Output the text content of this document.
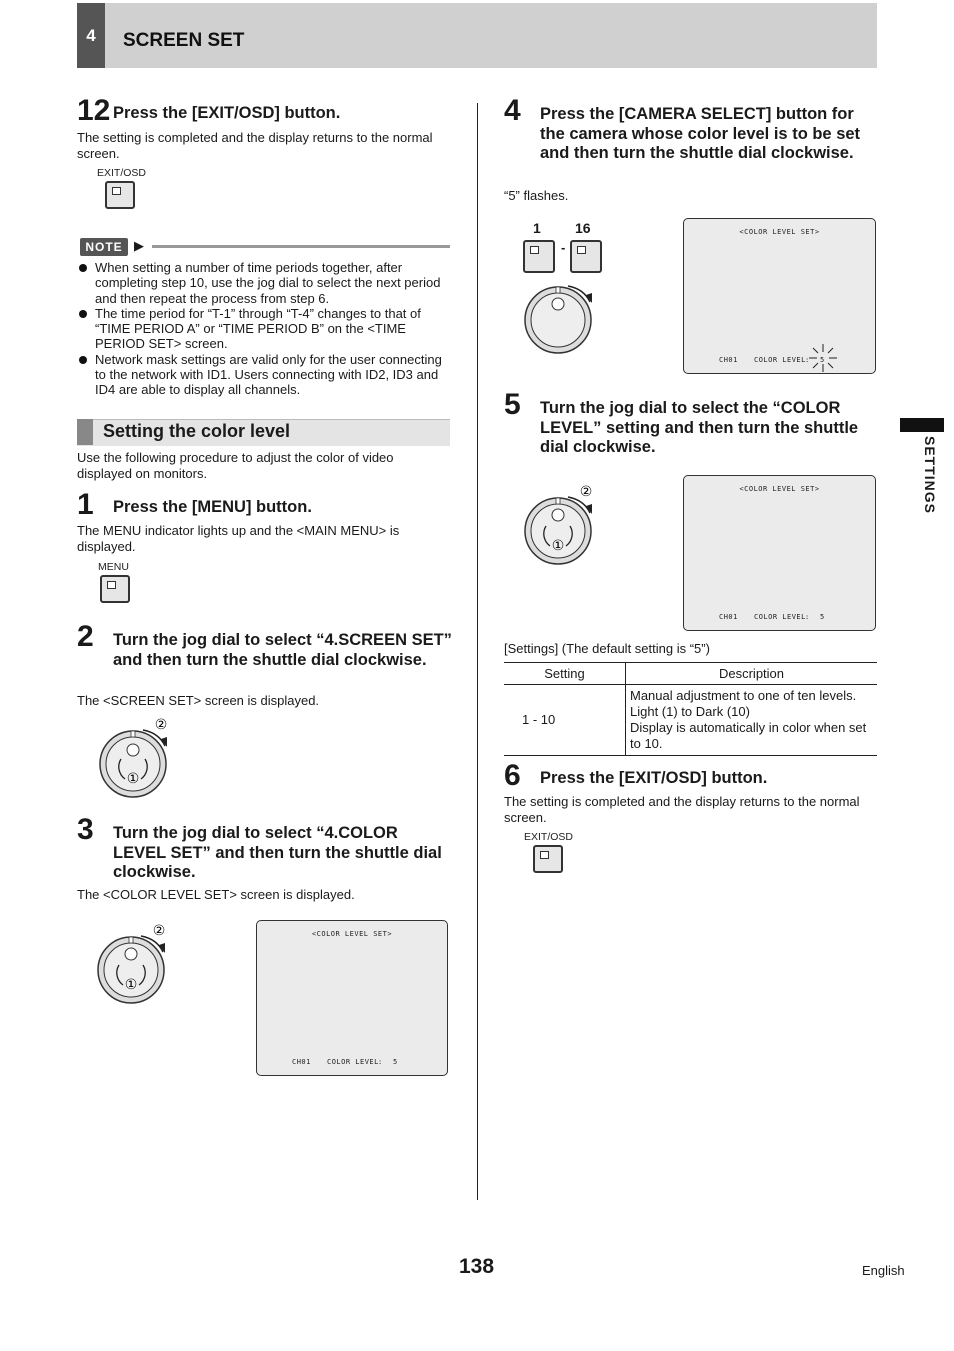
4	SCREEN SET
SETTINGS
12 Press the [EXIT/OSD] button.
The setting is completed and the display returns to the normal screen.
EXIT/OSD
NOTE ▶
When setting a number of time periods together, after completing step 10, use the jog dial to select the next period and then repeat the process from step 6.
The time period for “T-1” through “T-4” changes to that of “TIME PERIOD A” or “TIME PERIOD B” on the <TIME PERIOD SET> screen.
Network mask settings are valid only for the user connecting to the network with ID1. Users connecting with ID2, ID3 and ID4 are able to display all channels.
Setting the color level
Use the following procedure to adjust the color of video displayed on monitors.
1 Press the [MENU] button.
The MENU indicator lights up and the <MAIN MENU> is displayed.
MENU
2 Turn the jog dial to select “4.SCREEN SET” and then turn the shuttle dial clockwise.
The <SCREEN SET> screen is displayed.
②
①
3 Turn the jog dial to select “4.COLOR LEVEL SET” and then turn the shuttle dial clockwise.
The <COLOR LEVEL SET> screen is displayed.
②
①
<COLOR LEVEL SET>
CH01 COLOR LEVEL : 5
4 Press the [CAMERA SELECT] button for the camera whose color level is to be set and then turn the shuttle dial clockwise.
“5” flashes.
1 16
-
<COLOR LEVEL SET>
CH01 COLOR LEVEL : 5
5 Turn the jog dial to select the “COLOR LEVEL” setting and then turn the shuttle dial clockwise.
②
①
<COLOR LEVEL SET>
CH01 COLOR LEVEL : 5
[Settings] (The default setting is “5”)
Setting	Description
1 - 10	Manual adjustment to one of ten levels.
Light (1) to Dark (10)
Display is automatically in color when set to 10.
6 Press the [EXIT/OSD] button.
The setting is completed and the display returns to the normal screen.
EXIT/OSD
138	English
